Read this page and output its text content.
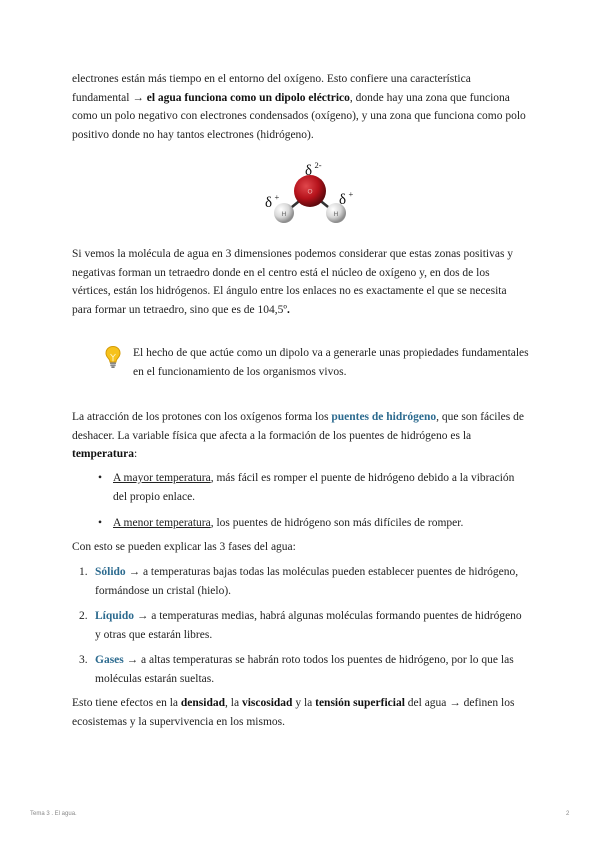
electrones están más tiempo en el entorno del oxígeno. Esto confiere una característica fundamental → el agua funciona como un dipolo eléctrico, donde hay una zona que funciona como un polo negativo con electrones condensados (oxígeno), y una zona que funciona como polo positivo donde no hay tantos electrones (hidrógeno).

O
H	H
δ 2-
δ +	δ +

Si vemos la molécula de agua en 3 dimensiones podemos considerar que estas zonas positivas y negativas forman un tetraedro donde en el centro está el núcleo de oxígeno y, en dos de los vértices, están los hidrógenos. El ángulo entre los enlaces no es exactamente el que se necesita para formar un tetraedro, sino que es de 104,5º.

El hecho de que actúe como un dipolo va a generarle unas propiedades fundamentales en el funcionamiento de los organismos vivos.

La atracción de los protones con los oxígenos forma los puentes de hidrógeno, que son fáciles de deshacer. La variable física que afecta a la formación de los puentes de hidrógeno es la temperatura:

• A mayor temperatura, más fácil es romper el puente de hidrógeno debido a la vibración del propio enlace.
• A menor temperatura, los puentes de hidrógeno son más difíciles de romper.

Con esto se pueden explicar las 3 fases del agua:

1. Sólido → a temperaturas bajas todas las moléculas pueden establecer puentes de hidrógeno, formándose un cristal (hielo).
2. Líquido → a temperaturas medias, habrá algunas moléculas formando puentes de hidrógeno y otras que estarán libres.
3. Gases → a altas temperaturas se habrán roto todos los puentes de hidrógeno, por lo que las moléculas estarán sueltas.

Esto tiene efectos en la densidad, la viscosidad y la tensión superficial del agua → definen los ecosistemas y la supervivencia en los mismos.

Tema 3 . El agua.	2
